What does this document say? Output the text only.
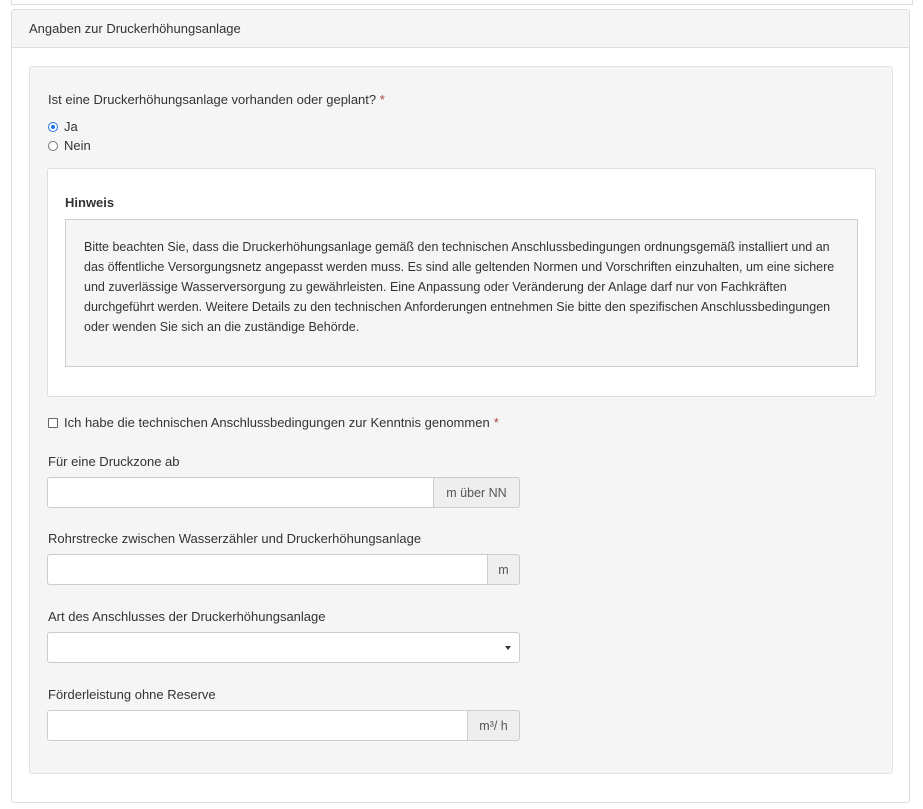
Angaben zur Druckerhöhungsanlage
Ist eine Druckerhöhungsanlage vorhanden oder geplant? *
Ja
Nein
Hinweis
Bitte beachten Sie, dass die Druckerhöhungsanlage gemäß den technischen Anschlussbedingungen ordnungsgemäß installiert und an das öffentliche Versorgungsnetz angepasst werden muss. Es sind alle geltenden Normen und Vorschriften einzuhalten, um eine sichere und zuverlässige Wasserversorgung zu gewährleisten. Eine Anpassung oder Veränderung der Anlage darf nur von Fachkräften durchgeführt werden. Weitere Details zu den technischen Anforderungen entnehmen Sie bitte den spezifischen Anschlussbedingungen oder wenden Sie sich an die zuständige Behörde.
Ich habe die technischen Anschlussbedingungen zur Kenntnis genommen *
Für eine Druckzone ab
m über NN
Rohrstrecke zwischen Wasserzähler und Druckerhöhungsanlage
m
Art des Anschlusses der Druckerhöhungsanlage
Förderleistung ohne Reserve
m³/ h
